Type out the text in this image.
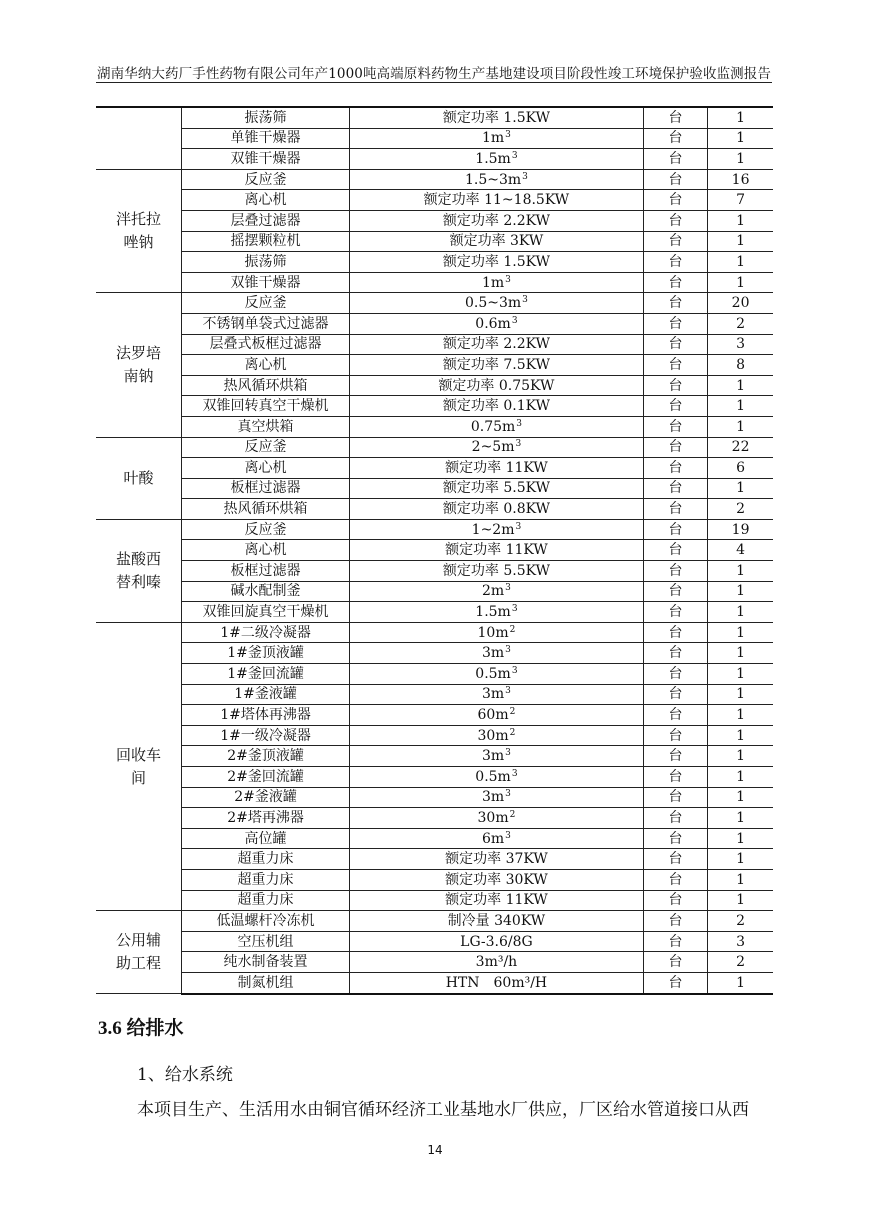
湖南华纳大药厂手性药物有限公司年产1000吨高端原料药物生产基地建设项目阶段性竣工环境保护验收监测报告
	振荡筛	额定功率 1.5KW	台	1
	单锥干燥器	$1m^3$	台	1
	双锥干燥器	$1.5m^3$	台	1
泮托拉唑钠	反应釜	$1.5\sim 3m^3$	台	16
	离心机	额定功率 11~18.5KW	台	7
	层叠过滤器	额定功率 2.2KW	台	1
	摇摆颗粒机	额定功率 3KW	台	1
	振荡筛	额定功率 1.5KW	台	1
	双锥干燥器	$1m^3$	台	1
法罗培南钠	反应釜	$0.5\sim 3m^3$	台	20
	不锈钢单袋式过滤器	$0.6m^3$	台	2
	层叠式板框过滤器	额定功率 2.2KW	台	3
	离心机	额定功率 7.5KW	台	8
	热风循环烘箱	额定功率 0.75KW	台	1
	双锥回转真空干燥机	额定功率 0.1KW	台	1
	真空烘箱	$0.75m^3$	台	1
叶酸	反应釜	$2\sim 5m^3$	台	22
	离心机	额定功率 11KW	台	6
	板框过滤器	额定功率 5.5KW	台	1
	热风循环烘箱	额定功率 0.8KW	台	2
盐酸西替利嗪	反应釜	$1\sim 2m^3$	台	19
	离心机	额定功率 11KW	台	4
	板框过滤器	额定功率 5.5KW	台	1
	碱水配制釜	$2m^3$	台	1
	双锥回旋真空干燥机	$1.5m^3$	台	1
回收车间	1#二级冷凝器	$10m^2$	台	1
	1#釜顶液罐	$3m^3$	台	1
	1#釜回流罐	$0.5m^3$	台	1
	1#釜液罐	$3m^3$	台	1
	1#塔体再沸器	$60m^2$	台	1
	1#一级冷凝器	$30m^2$	台	1
	2#釜顶液罐	$3m^3$	台	1
	2#釜回流罐	$0.5m^3$	台	1
	2#釜液罐	$3m^3$	台	1
	2#塔再沸器	$30m^2$	台	1
	高位罐	$6m^3$	台	1
	超重力床	额定功率 37KW	台	1
	超重力床	额定功率 30KW	台	1
	超重力床	额定功率 11KW	台	1
公用辅助工程	低温螺杆冷冻机	制冷量 340KW	台	2
	空压机组	LG-3.6/8G	台	3
	纯水制备装置	3m³/h	台	2
	制氮机组	HTN　60m³/H	台	1
3.6 给排水
1、给水系统
本项目生产、生活用水由铜官循环经济工业基地水厂供应，厂区给水管道接口从西
14
